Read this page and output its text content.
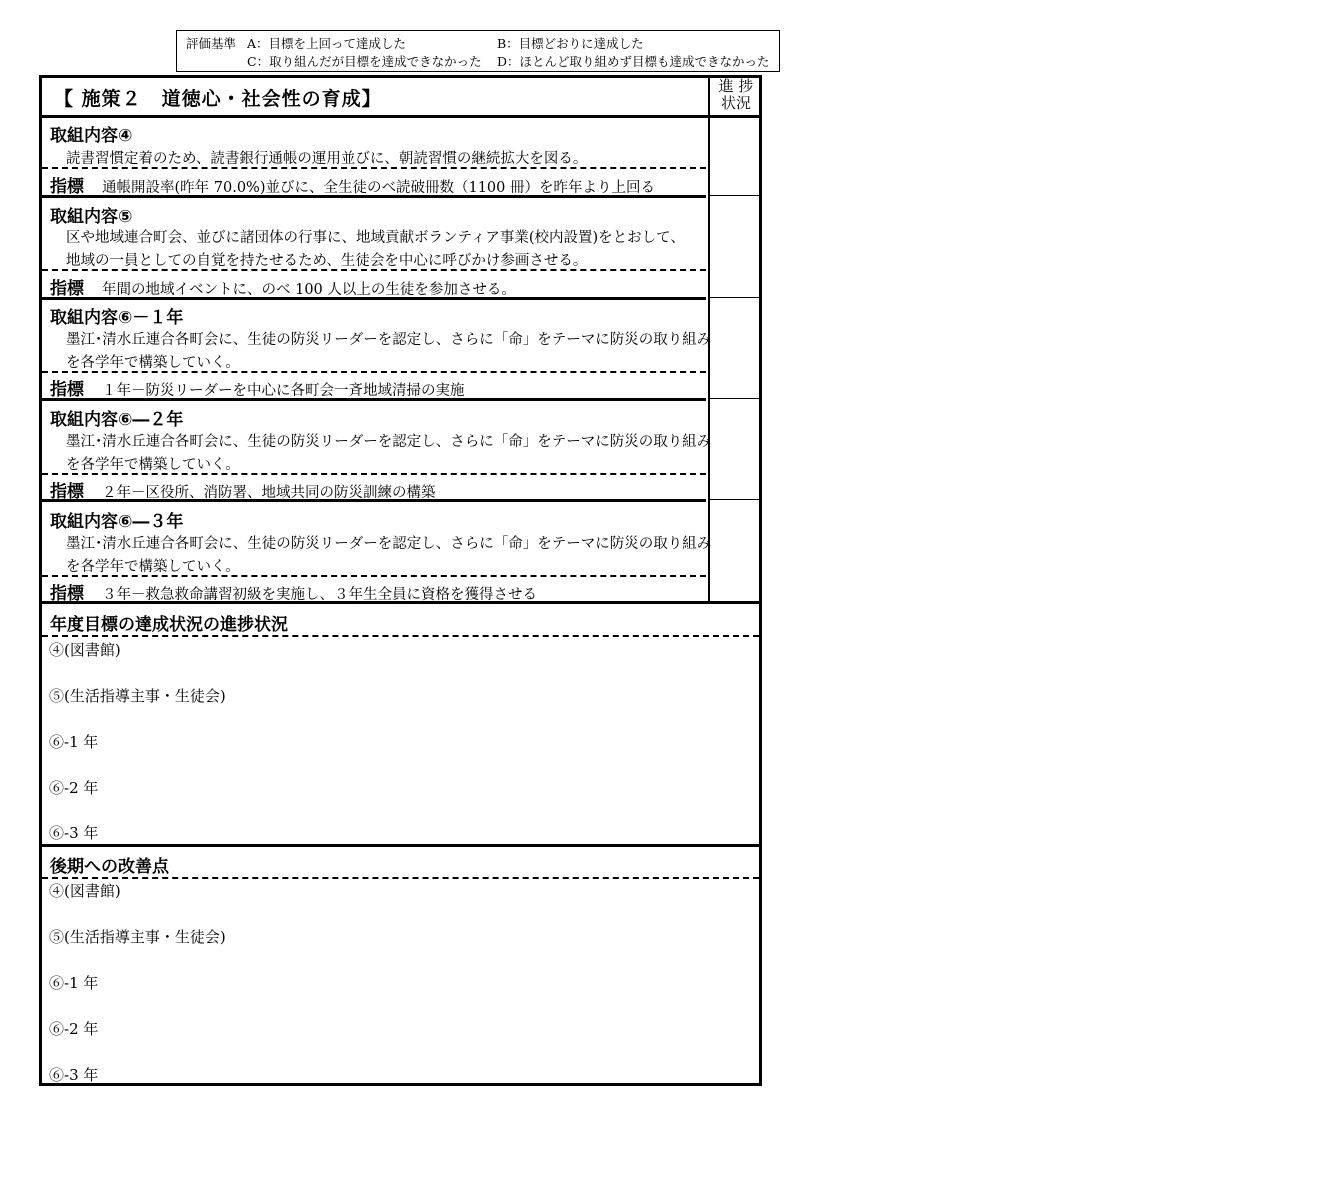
評価基準 A：目標を上回って達成した	B：目標どおりに達成した
C：取り組んだが目標を達成できなかった D：ほとんど取り組めず目標も達成できなかった
【 施策２　道徳心・社会性の育成】
進 捗
状況
取組内容④
読書習慣定着のため、読書銀行通帳の運用並びに、朝読習慣の継続拡大を図る。
指標 通帳開設率(昨年 70.0%)並びに、全生徒のべ読破冊数（1100 冊）を昨年より上回る
取組内容⑤
区や地域連合町会、並びに諸団体の行事に、地域貢献ボランティア事業(校内設置)をとおして、
地域の一員としての自覚を持たせるため、生徒会を中心に呼びかけ参画させる。
指標 年間の地域イベントに、のべ 100 人以上の生徒を参加させる。
取組内容⑥－１年
墨江･清水丘連合各町会に、生徒の防災リーダーを認定し、さらに「命」をテーマに防災の取り組み
を各学年で構築していく。
指標 １年－防災リーダーを中心に各町会一斉地域清掃の実施
取組内容⑥―２年
墨江･清水丘連合各町会に、生徒の防災リーダーを認定し、さらに「命」をテーマに防災の取り組み
を各学年で構築していく。
指標 ２年－区役所、消防署、地域共同の防災訓練の構築
取組内容⑥―３年
墨江･清水丘連合各町会に、生徒の防災リーダーを認定し、さらに「命」をテーマに防災の取り組み
を各学年で構築していく。
指標 ３年－救急救命講習初級を実施し、３年生全員に資格を獲得させる
年度目標の達成状況の進捗状況
④(図書館)
⑤(生活指導主事・生徒会)
⑥-1 年
⑥-2 年
⑥-3 年
後期への改善点
④(図書館)
⑤(生活指導主事・生徒会)
⑥-1 年
⑥-2 年
⑥-3 年
